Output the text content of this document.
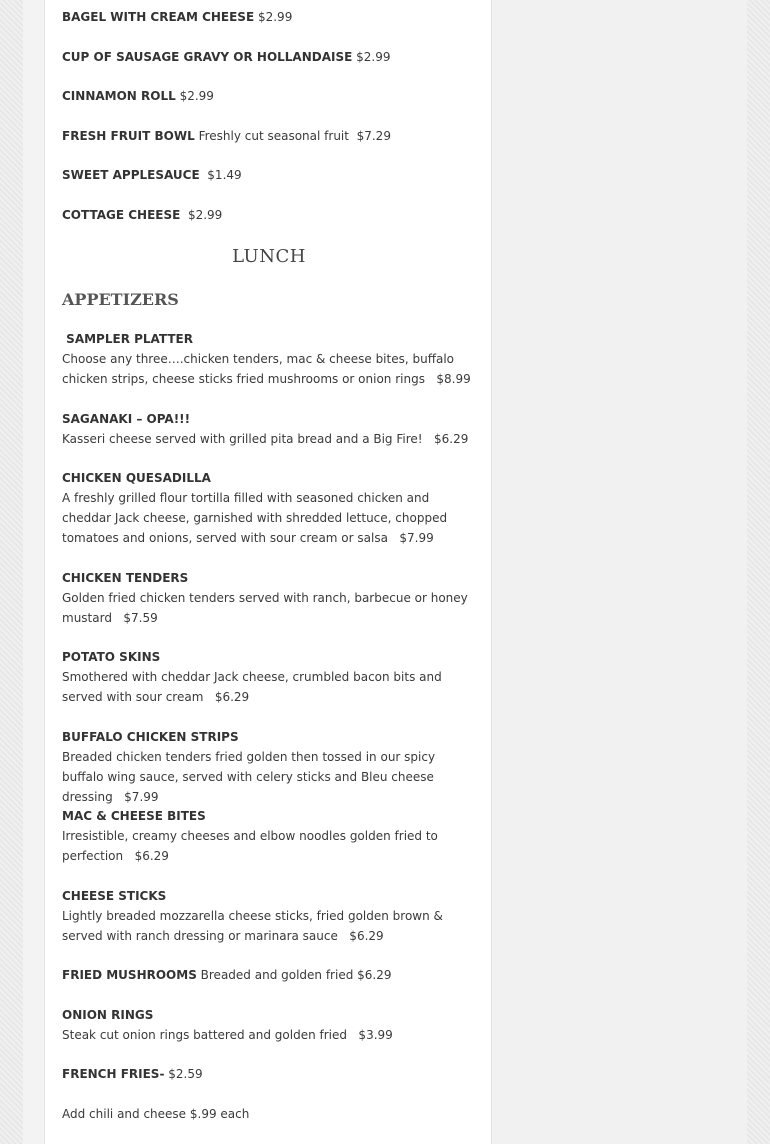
BAGEL WITH CREAM CHEESE $2.99
CUP OF SAUSAGE GRAVY OR HOLLANDAISE $2.99
CINNAMON ROLL $2.99
FRESH FRUIT BOWL Freshly cut seasonal fruit  $7.29
SWEET APPLESAUCE  $1.49
COTTAGE CHEESE  $2.99
LUNCH
APPETIZERS
SAMPLER PLATTER
Choose any three….chicken tenders, mac & cheese bites, buffalo chicken strips, cheese sticks fried mushrooms or onion rings   $8.99
SAGANAKI – OPA!!!
Kasseri cheese served with grilled pita bread and a Big Fire!   $6.29
CHICKEN QUESADILLA
A freshly grilled flour tortilla filled with seasoned chicken and cheddar Jack cheese, garnished with shredded lettuce, chopped tomatoes and onions, served with sour cream or salsa   $7.99
CHICKEN TENDERS
Golden fried chicken tenders served with ranch, barbecue or honey mustard   $7.59
POTATO SKINS
Smothered with cheddar Jack cheese, crumbled bacon bits and served with sour cream   $6.29
BUFFALO CHICKEN STRIPS
Breaded chicken tenders fried golden then tossed in our spicy buffalo wing sauce, served with celery sticks and Bleu cheese dressing   $7.99
MAC & CHEESE BITES
Irresistible, creamy cheeses and elbow noodles golden fried to perfection   $6.29
CHEESE STICKS
Lightly breaded mozzarella cheese sticks, fried golden brown & served with ranch dressing or marinara sauce   $6.29
FRIED MUSHROOMS Breaded and golden fried $6.29
ONION RINGS
Steak cut onion rings battered and golden fried   $3.99
FRENCH FRIES- $2.59
Add chili and cheese $.99 each
